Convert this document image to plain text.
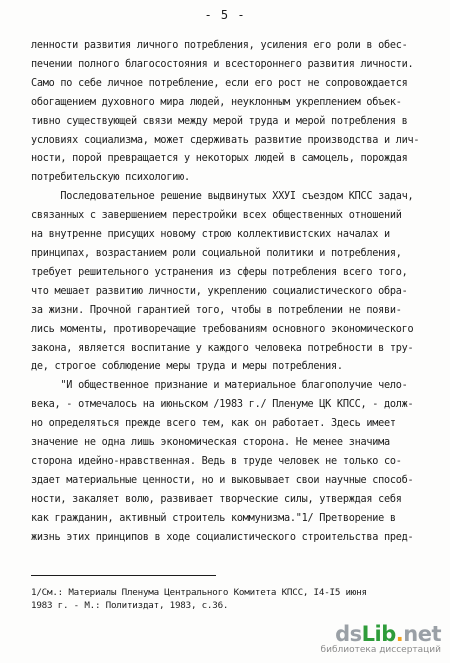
- 5 -
ленности развития личного потребления, усиления его роли в обес-
печении полного благосостояния и всестороннего развития личности.
Само по себе личное потребление, если его рост не сопровождается
обогащением духовного мира людей, неуклонным укреплением объек-
тивно существующей связи между мерой труда и мерой потребления в
условиях социализма, может сдерживать развитие производства и лич-
ности, порой превращается у некоторых людей в самоцель, порождая
потребительскую психологию.
Последовательное решение выдвинутых XXУI съездом КПСС задач,
связанных с завершением перестройки всех общественных отношений
на внутренне присущих новому строю коллективистских началах и
принципах, возрастанием роли социальной политики и потребления,
требует решительного устранения из сферы потребления всего того,
что мешает развитию личности, укреплению социалистического обра-
за жизни. Прочной гарантией того, чтобы в потреблении не появи-
лись моменты, противоречащие требованиям основного экономического
закона, является воспитание у каждого человека потребности в тру-
де, строгое соблюдение меры труда и меры потребления.
"И общественное признание и материальное благополучие чело-
века, - отмечалось на июньском /1983 г./ Пленуме ЦК КПСС, - долж-
но определяться прежде всего тем, как он работает. Здесь имеет
значение не одна лишь экономическая сторона. Не менее значима
сторона идейно-нравственная. Ведь в труде человек не только со-
здает материальные ценности, но и выковывает свои научные способ-
ности, закаляет волю, развивает творческие силы, утверждая себя
как гражданин, активный строитель коммунизма."1/ Претворение в
жизнь этих принципов в ходе социалистического строительства пред-
1/См.: Материалы Пленума Центрального Комитета КПСС, I4-I5 июня
1983 г. - М.: Политиздат, 1983, с.36.
dsLib.net
библиотека диссертаций
